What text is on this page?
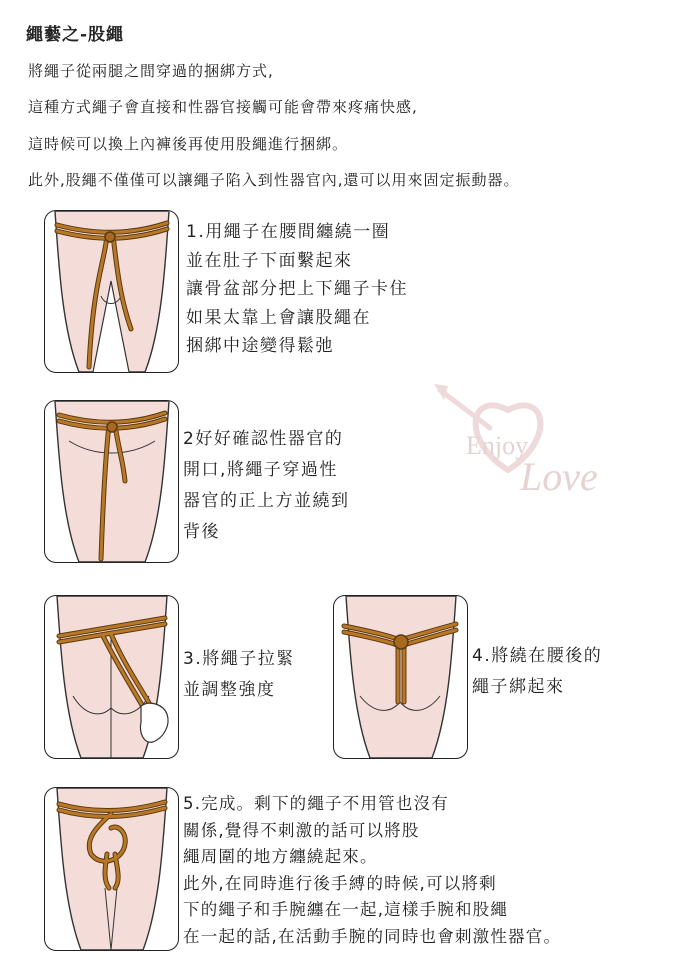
繩藝之-股繩

將繩子從兩腿之間穿過的捆綁方式,

這種方式繩子會直接和性器官接觸可能會帶來疼痛快感,

這時候可以換上內褲後再使用股繩進行捆綁。

此外,股繩不僅僅可以讓繩子陷入到性器官內,還可以用來固定振動器。

1.用繩子在腰間纏繞一圈
並在肚子下面繫起來
讓骨盆部分把上下繩子卡住
如果太靠上會讓股繩在
捆綁中途變得鬆弛
2好好確認性器官的
開口,將繩子穿過性
器官的正上方並繞到
背後
3.將繩子拉緊
並調整強度
4.將繞在腰後的
繩子綁起來
5.完成。剩下的繩子不用管也沒有
關係,覺得不刺激的話可以將股
繩周圍的地方纏繞起來。
此外,在同時進行後手縛的時候,可以將剩
下的繩子和手腕纏在一起,這樣手腕和股繩
在一起的話,在活動手腕的同時也會刺激性器官。
Enjoy
Love
